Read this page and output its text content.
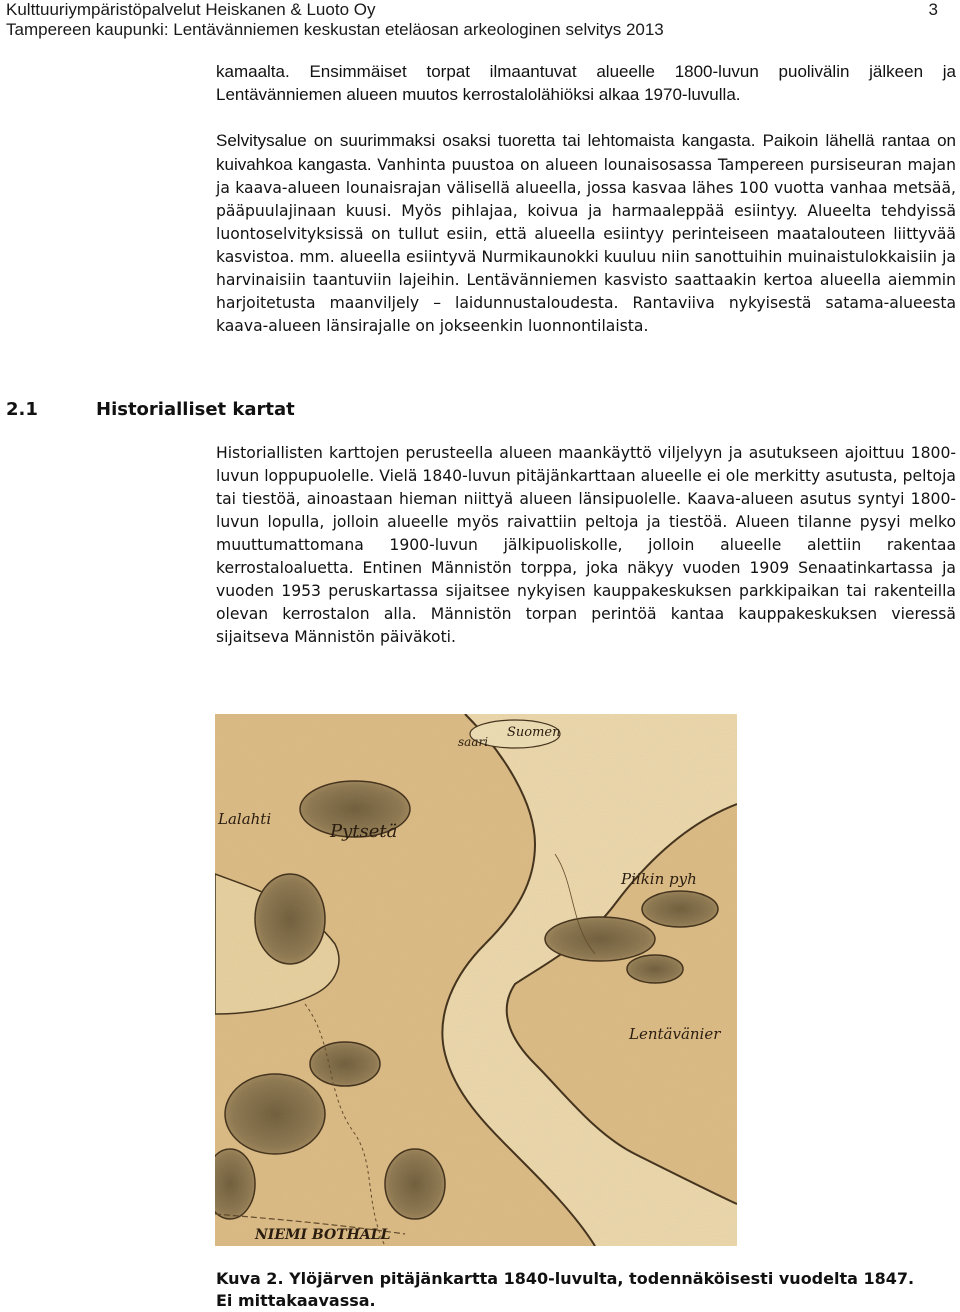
Kulttuuriympäristöpalvelut Heiskanen & Luoto Oy
Tampereen kaupunki: Lentävänniemen keskustan eteläosan arkeologinen selvitys 2013
3

kamaalta. Ensimmäiset torpat ilmaantuvat alueelle 1800-luvun puolivälin jälkeen ja Lentävänniemen alueen muutos kerrostalolähiöksi alkaa 1970-luvulla.

Selvitysalue on suurimmaksi osaksi tuoretta tai lehtomaista kangasta. Paikoin lähellä rantaa on kuivahkoa kangasta. Vanhinta puustoa on alueen lounaisosassa Tampereen pursiseuran majan ja kaava-alueen lounaisrajan välisellä alueella, jossa kasvaa lähes 100 vuotta vanhaa metsää, pääpuulajinaan kuusi. Myös pihlajaa, koivua ja harmaaleppää esiintyy. Alueelta tehdyissä luontoselvityksissä on tullut esiin, että alueella esiintyy perinteiseen maatalouteen liittyvää kasvistoa. mm. alueella esiintyvä Nurmikaunokki kuuluu niin sanottuihin muinaistulokkaisiin ja harvinaisiin taantuviin lajeihin. Lentävänniemen kasvisto saattaakin kertoa alueella aiemmin harjoitetusta maanviljely – laidunnustaloudesta. Rantaviiva nykyisestä satama-alueesta kaava-alueen länsirajalle on jokseenkin luonnontilaista.

2.1	Historialliset kartat

Historiallisten karttojen perusteella alueen maankäyttö viljelyyn ja asutukseen ajoittuu 1800-luvun loppupuolelle. Vielä 1840-luvun pitäjänkarttaan alueelle ei ole merkitty asutusta, peltoja tai tiestöä, ainoastaan hieman niittyä alueen länsipuolelle. Kaava-alueen asutus syntyi 1800-luvun lopulla, jolloin alueelle myös raivattiin peltoja ja tiestöä. Alueen tilanne pysyi melko muuttumattomana 1900-luvun jälkipuoliskolle, jolloin alueelle alettiin rakentaa kerrostaloaluetta. Entinen Männistön torppa, joka näkyy vuoden 1909 Senaatinkartassa ja vuoden 1953 peruskartassa sijaitsee nykyisen kauppakeskuksen parkkipaikan tai rakenteilla olevan kerrostalon alla. Männistön torpan perintöä kantaa kauppakeskuksen vieressä sijaitseva Männistön päiväkoti.

Suomen
saari
Lalahti
Pytsetä
Piikin pyh
Lentävänier
NIEMI BOTHALL

Kuva 2. Ylöjärven pitäjänkartta 1840-luvulta, todennäköisesti vuodelta 1847.
Ei mittakaavassa.
